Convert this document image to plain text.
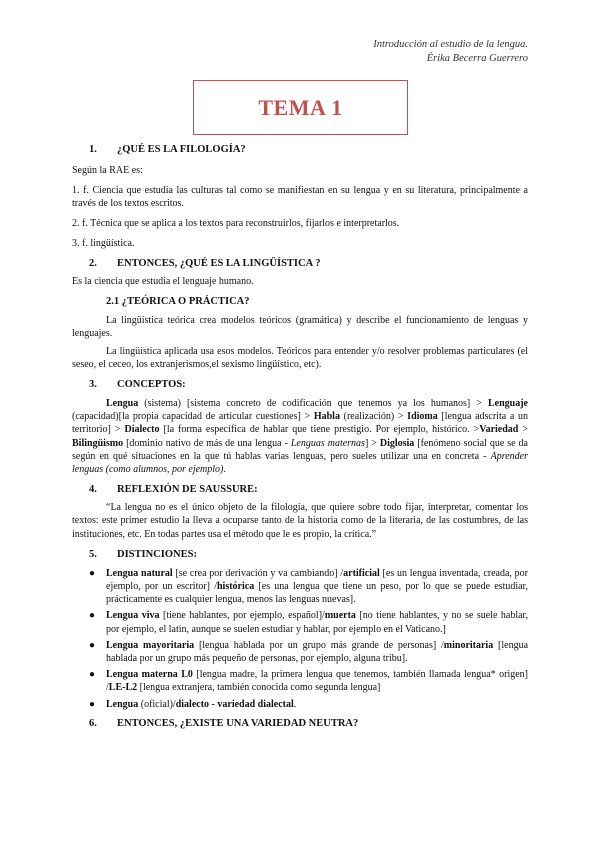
Introducción al estudio de la lengua.
Érika Becerra Guerrero
TEMA 1
1.	¿QUÉ ES LA FILOLOGÍA?

Según la RAE es:

1. f. Ciencia que estudia las culturas tal como se manifiestan en su lengua y en su literatura, principalmente a través de los textos escritos.

2. f. Técnica que se aplica a los textos para reconstruirlos, fijarlos e interpretarlos.

3. f. lingüística.

2.	ENTONCES, ¿QUÉ ES LA LINGÜÍSTICA ?

Es la ciencia que estudia el lenguaje humano.

2.1 ¿TEÓRICA O PRÁCTICA?

La lingüística teórica crea modelos teóricos (gramática) y describe el funcionamiento de lenguas y lenguajes.

La lingüística aplicada usa esos modelos. Teóricos para entender y/o resolver problemas particulares (el seseo, el ceceo, los extranjerismos,el sexismo lingüístico, etc).

3.	CONCEPTOS:

Lengua (sistema) [sistema concreto de codificación que tenemos ya los humanos] > Lenguaje (capacidad)[la propia capacidad de articular cuestiones] > Habla (realización) > Idioma [lengua adscrita a un territorio] > Dialecto [la forma específica de hablar que tiene prestigio. Por ejemplo, histórico. >Variedad > Bilingüismo [dominio nativo de más de una lengua - Lenguas maternas] > Diglosia [fenómeno social que se da según en qué situaciones en la que tú hablas varias lenguas, pero sueles utilizar una en concreta - Aprender lenguas (como alumnos, por ejemplo).

4.	REFLEXIÓN DE SAUSSURE:

“La lengua no es el único objeto de la filología, que quiere sobre todo fijar, interpretar, comentar los textos: este primer estudio la lleva a ocuparse tanto de la historia como de la literaria, de las costumbres, de las instituciones, etc. En todas partes usa el método que le es propio, la crítica.”

5.	DISTINCIONES:
● Lengua natural [se crea por derivación y va cambiando] /artificial [es un lengua inventada, creada, por ejemplo, por un escritor] /histórica [es una lengua que tiene un peso, por lo que se puede estudiar, prácticamente es cualquier lengua, menos las lenguas nuevas].
● Lengua viva [tiene hablantes, por ejemplo, español]/muerta [no tiene hablantes, y no se suele hablar, por ejemplo, el latín, aunque se suelen estudiar y hablar, por ejemplo en el Vaticano.]
● Lengua mayoritaria [lengua hablada por un grupo más grande de personas] /minoritaria [lengua hablada por un grupo más pequeño de personas, por ejemplo, alguna tribu].
● Lengua materna L0 [lengua madre, la primera lengua que tenemos, también llamada lengua* origen] /LE-L2 [lengua extranjera, también conocida como segunda lengua]
● Lengua (oficial)/dialecto - variedad dialectal.
6.	ENTONCES, ¿EXISTE UNA VARIEDAD NEUTRA?
